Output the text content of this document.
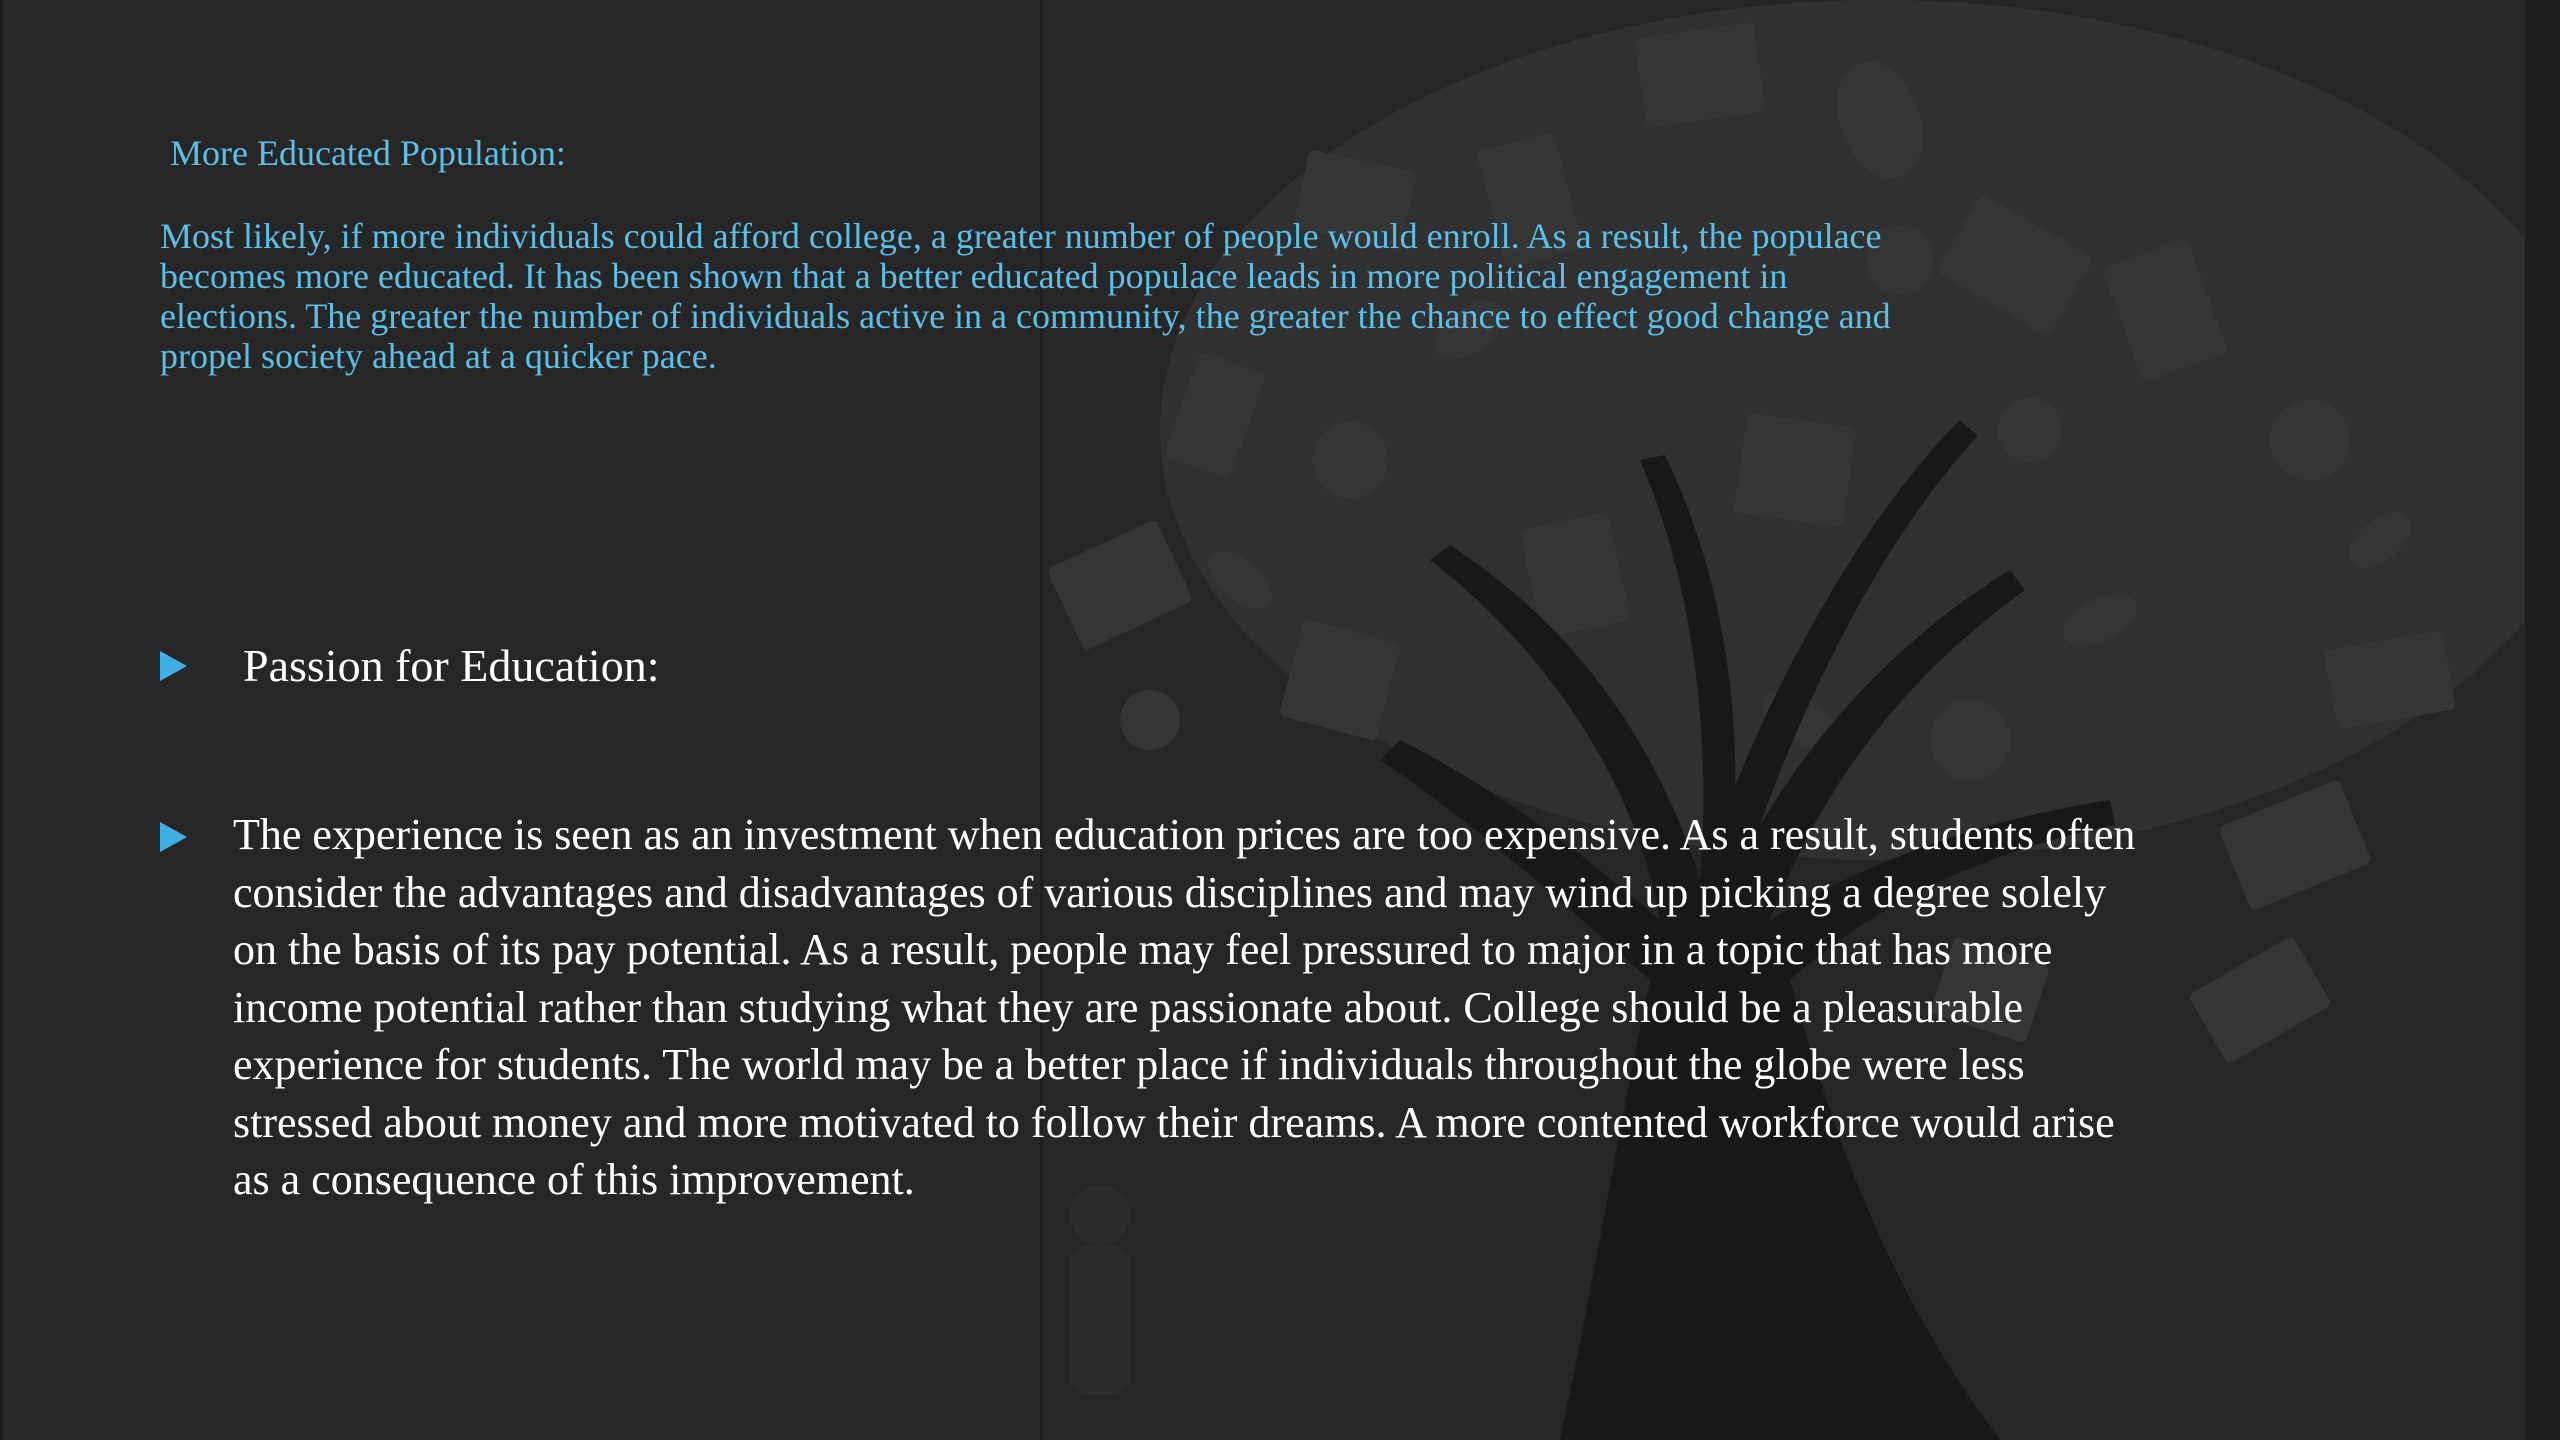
More Educated Population:
Most likely, if more individuals could afford college, a greater number of people would enroll. As a result, the populace becomes more educated. It has been shown that a better educated populace leads in more political engagement in elections. The greater the number of individuals active in a community, the greater the chance to effect good change and propel society ahead at a quicker pace.
Passion for Education:
The experience is seen as an investment when education prices are too expensive. As a result, students often consider the advantages and disadvantages of various disciplines and may wind up picking a degree solely on the basis of its pay potential. As a result, people may feel pressured to major in a topic that has more income potential rather than studying what they are passionate about. College should be a pleasurable experience for students. The world may be a better place if individuals throughout the globe were less stressed about money and more motivated to follow their dreams. A more contented workforce would arise as a consequence of this improvement.
